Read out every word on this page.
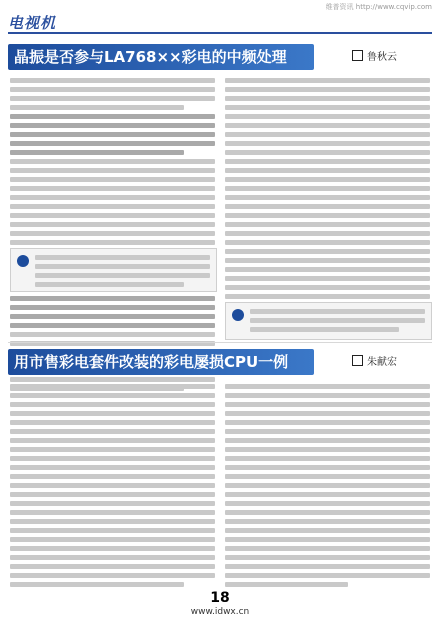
维普资讯 http://www.cqvip.com
电视机
晶振是否参与LA768××彩电的中频处理	鲁秋云
用市售彩电套件改装的彩电屡损CPU一例	朱献宏
18
www.idwx.cn
